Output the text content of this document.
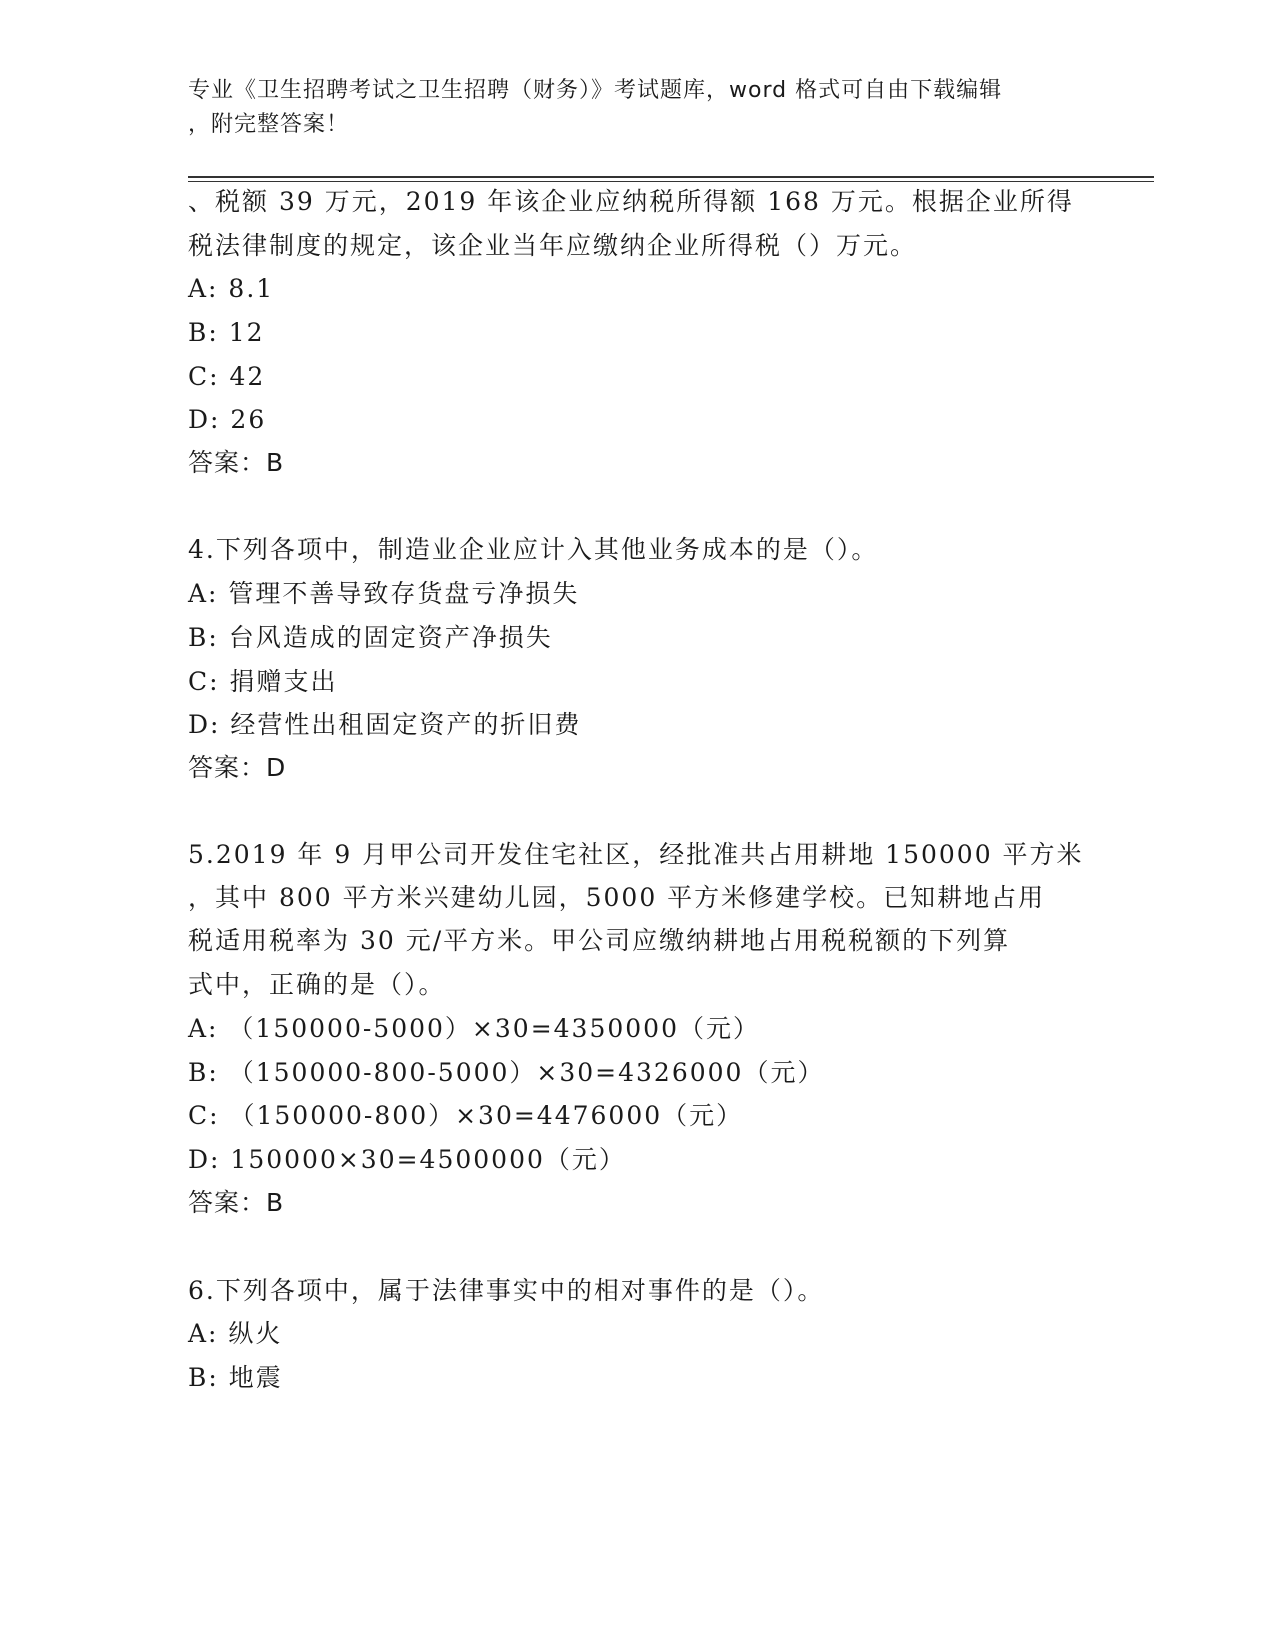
专业《卫生招聘考试之卫生招聘（财务）》考试题库，word 格式可自由下载编辑
，附完整答案！
、税额 39 万元，2019 年该企业应纳税所得额 168 万元。根据企业所得
税法律制度的规定，该企业当年应缴纳企业所得税（）万元。
A: 8.1
B: 12
C: 42
D: 26
答案：B
4.下列各项中，制造业企业应计入其他业务成本的是（）。
A: 管理不善导致存货盘亏净损失
B: 台风造成的固定资产净损失
C: 捐赠支出
D: 经营性出租固定资产的折旧费
答案：D
5.2019 年 9 月甲公司开发住宅社区，经批准共占用耕地 150000 平方米
，其中 800 平方米兴建幼儿园，5000 平方米修建学校。已知耕地占用
税适用税率为 30 元/平方米。甲公司应缴纳耕地占用税税额的下列算
式中，正确的是（）。
A: （150000-5000）×30=4350000（元）
B: （150000-800-5000）×30=4326000（元）
C: （150000-800）×30=4476000（元）
D: 150000×30=4500000（元）
答案：B
6.下列各项中，属于法律事实中的相对事件的是（）。
A: 纵火
B: 地震
